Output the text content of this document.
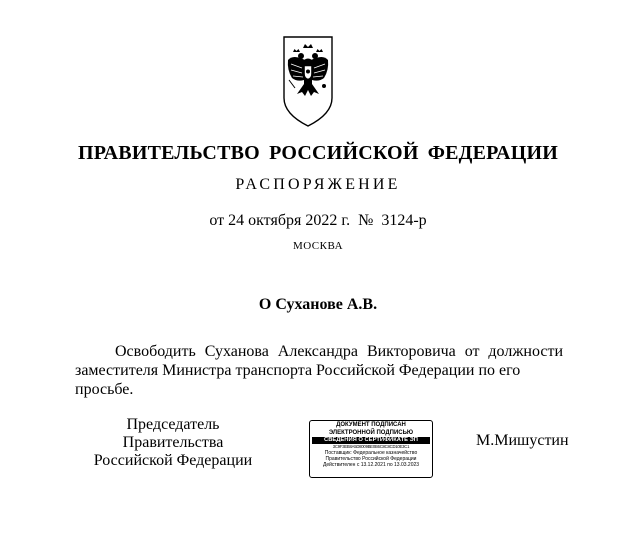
ПРАВИТЕЛЬСТВО РОССИЙСКОЙ ФЕДЕРАЦИИ
РАСПОРЯЖЕНИЕ
от 24 октября 2022 г.  №  3124-р
МОСКВА
О Суханове А.В.
Освободить Суханова Александра Викторовича от должности
заместителя Министра транспорта Российской Федерации по его просьбе.
Председатель Правительства
Российской Федерации
ДОКУМЕНТ ПОДПИСАН
ЭЛЕКТРОННОЙ ПОДПИСЬЮ
СВЕДЕНИЯ О СЕРТИФИКАТЕ ЭП
3C9F3EB8A5D8009BE0B6C8C8CD10E3C1
Поставщик: Федеральное казначейство
Правительство Российской Федерации
Действителен с 13.12.2021 по 13.03.2023
М.Мишустин
